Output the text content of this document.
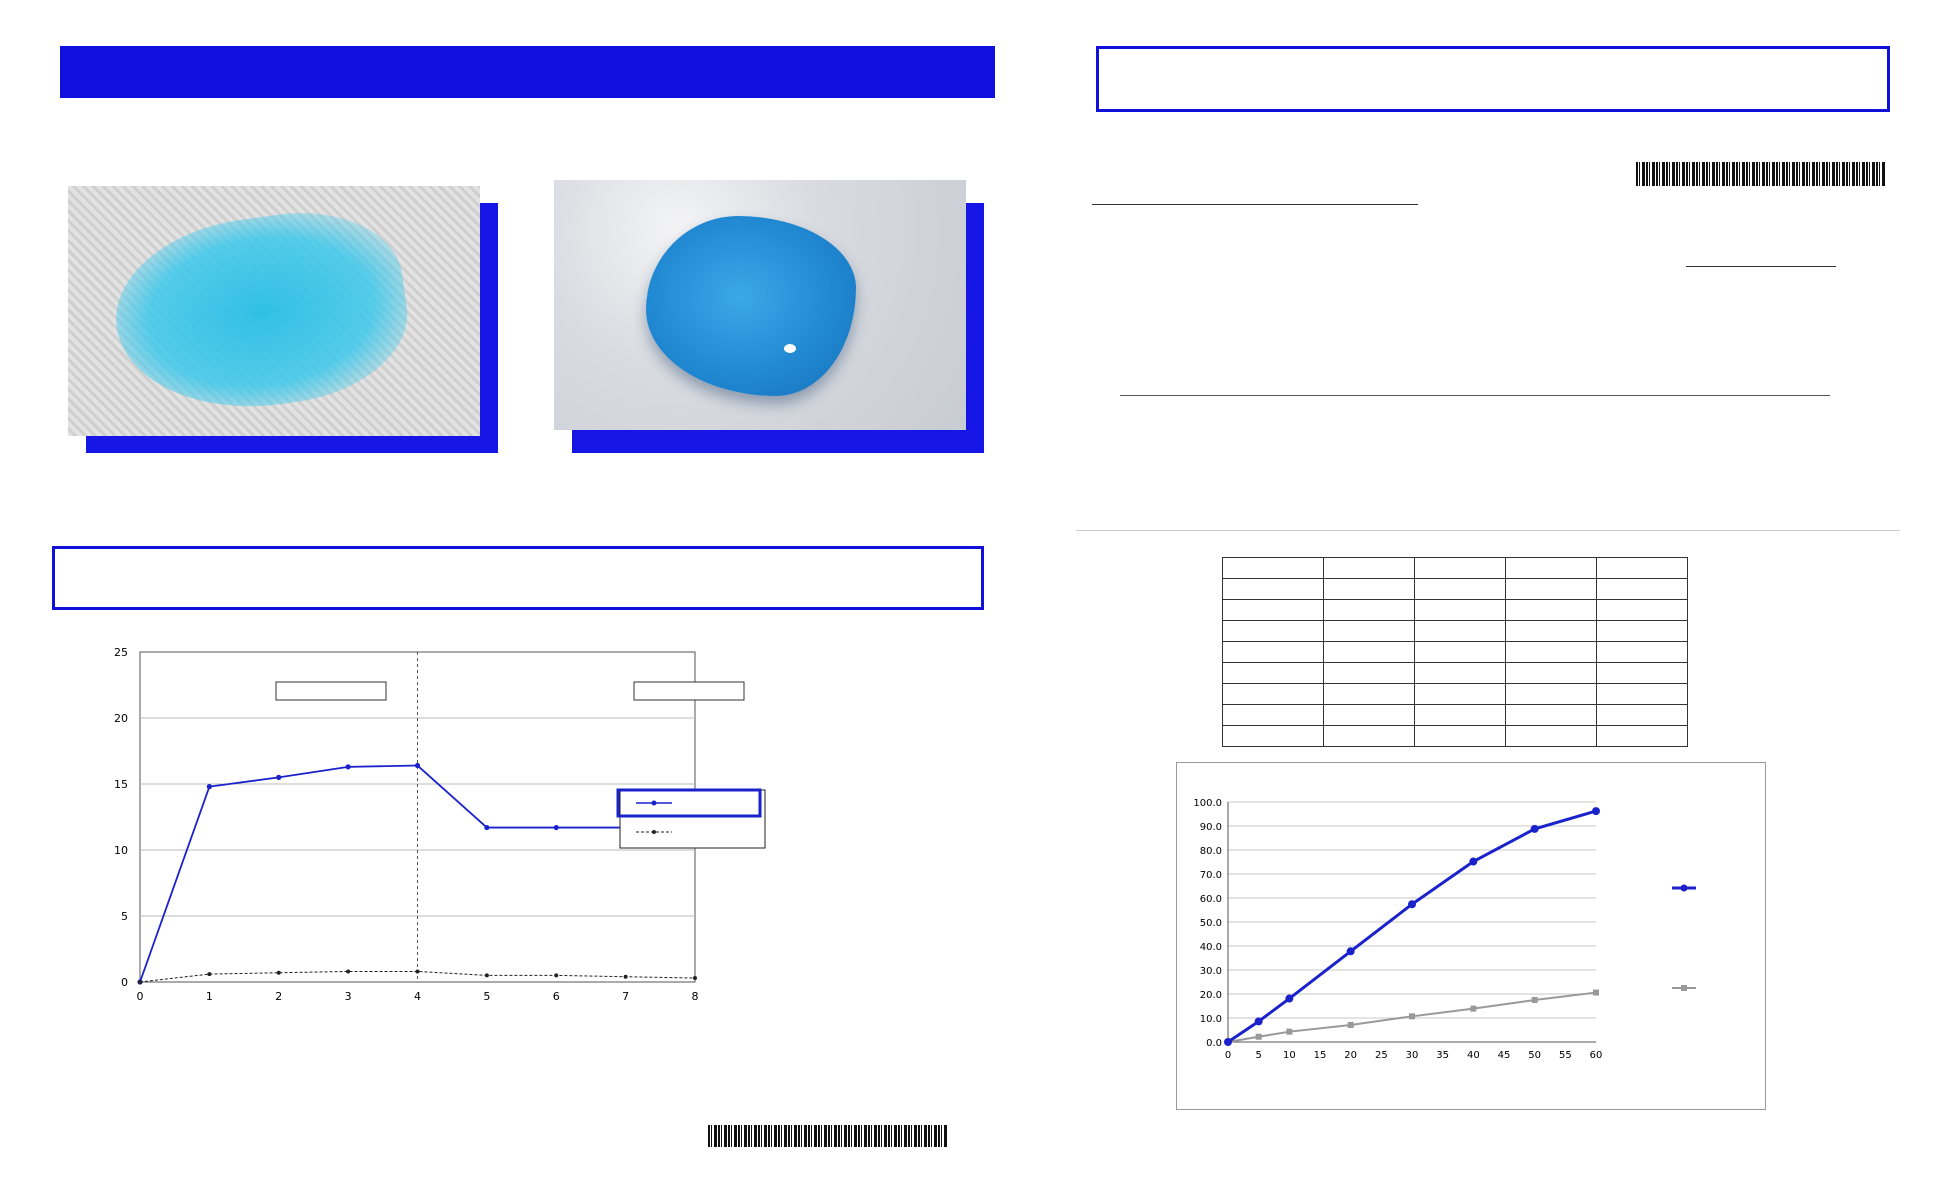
0
5
10
15
20
25
0	1	2	3	4	5	6	7	8

0.0
10.0
20.0
30.0
40.0
50.0
60.0
70.0
80.0
90.0
100.0
0 5 10 15 20 25 30 35 40 45 50 55 60
